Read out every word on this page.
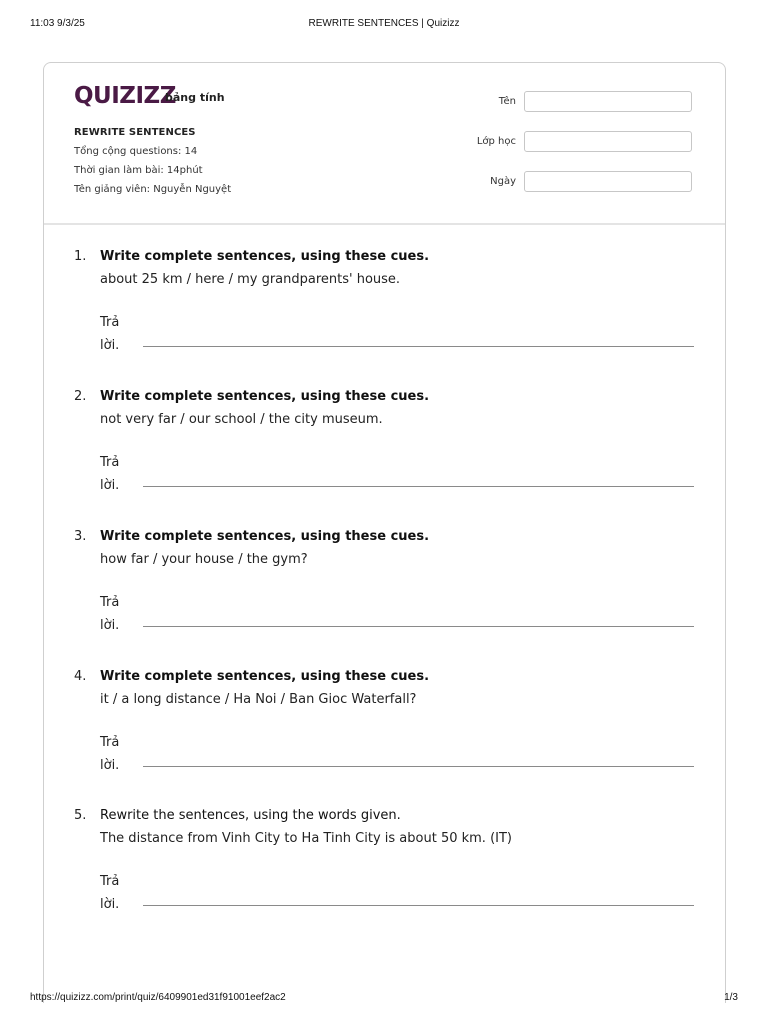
11:03 9/3/25	REWRITE SENTENCES | Quizizz
QUIZIZZ
bảng tính
REWRITE SENTENCES
Tổng cộng questions: 14
Thời gian làm bài: 14phút
Tên giảng viên: Nguyễn Nguyệt
Tên
Lớp học
Ngày
1. Write complete sentences, using these cues.
about 25 km / here / my grandparents' house.
Trả lời.
2. Write complete sentences, using these cues.
not very far / our school / the city museum.
Trả lời.
3. Write complete sentences, using these cues.
how far / your house / the gym?
Trả lời.
4. Write complete sentences, using these cues.
it / a long distance / Ha Noi / Ban Gioc Waterfall?
Trả lời.
5. Rewrite the sentences, using the words given.
The distance from Vinh City to Ha Tinh City is about 50 km. (IT)
Trả lời.
https://quizizz.com/print/quiz/6409901ed31f91001eef2ac2	1/3
